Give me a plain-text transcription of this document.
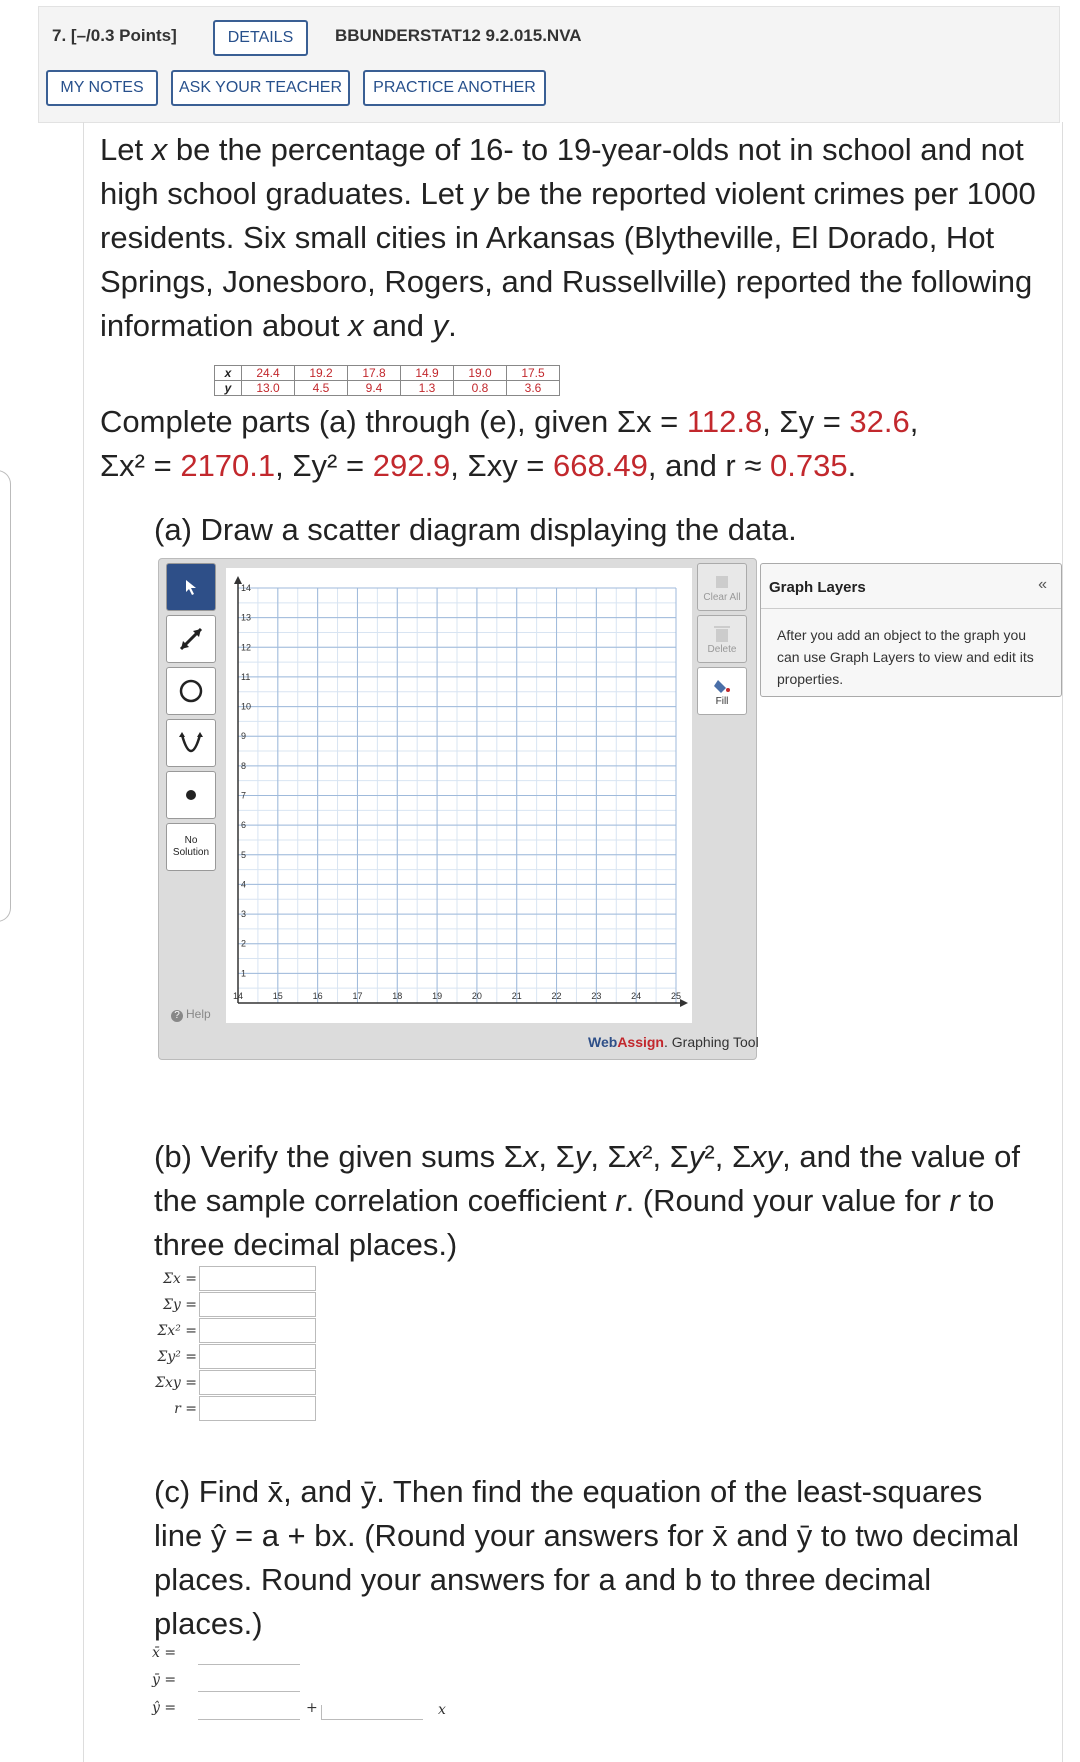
7. [–/0.3 Points]	DETAILS	BBUNDERSTAT12 9.2.015.NVA
MY NOTES	ASK YOUR TEACHER	PRACTICE ANOTHER
Let x be the percentage of 16- to 19-year-olds not in school and not high school graduates. Let y be the reported violent crimes per 1000 residents. Six small cities in Arkansas (Blytheville, El Dorado, Hot Springs, Jonesboro, Rogers, and Russellville) reported the following information about x and y.
x	24.4	19.2	17.8	14.9	19.0	17.5
y	13.0	4.5	9.4	1.3	0.8	3.6
Complete parts (a) through (e), given Σx = 112.8, Σy = 32.6,
Σx² = 2170.1, Σy² = 292.9, Σxy = 668.49, and r ≈ 0.735.
(a) Draw a scatter diagram displaying the data.
No Solution
? Help
14	15	16	17	18	19	20	21	22	23	24	25
1
2
3
4
5
6
7
8
9
10
11
12
13
14
Clear All
Delete
Fill
Graph Layers	«
After you add an object to the graph you can use Graph Layers to view and edit its properties.
WebAssign. Graphing Tool
(b) Verify the given sums Σx, Σy, Σx², Σy², Σxy, and the value of the sample correlation coefficient r. (Round your value for r to three decimal places.)
Σx =
Σy =
Σx² =
Σy² =
Σxy =
r =
(c) Find x̄, and ȳ. Then find the equation of the least-squares line ŷ = a + bx. (Round your answers for x̄ and ȳ to two decimal places. Round your answers for a and b to three decimal places.)
x̄ =
ȳ =
ŷ =	+	x
